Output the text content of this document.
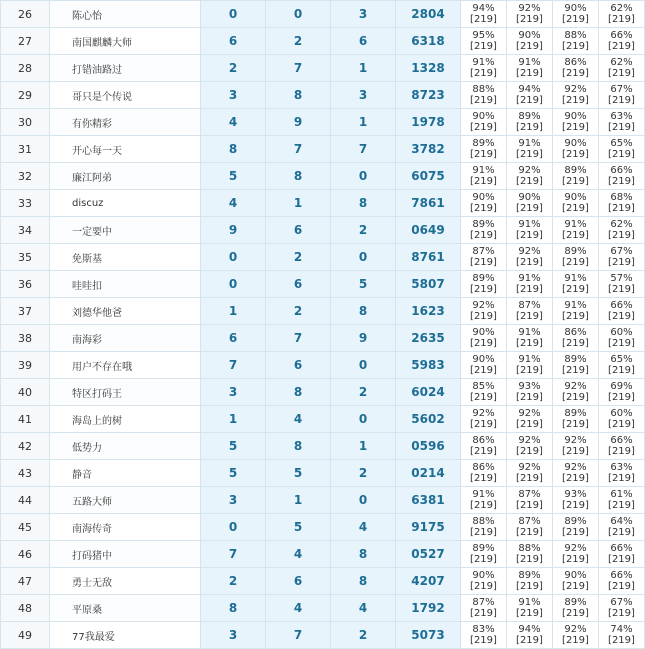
26	陈心怡	0	0	3	2804	94%[219]	92%[219]	90%[219]	62%[219]
27	南国麒麟大师	6	2	6	6318	95%[219]	90%[219]	88%[219]	66%[219]
28	打错油路过	2	7	1	1328	91%[219]	91%[219]	86%[219]	62%[219]
29	哥只是个传说	3	8	3	8723	88%[219]	94%[219]	92%[219]	67%[219]
30	有你精彩	4	9	1	1978	90%[219]	89%[219]	90%[219]	63%[219]
31	开心每一天	8	7	7	3782	89%[219]	91%[219]	90%[219]	65%[219]
32	廉江阿弟	5	8	0	6075	91%[219]	92%[219]	89%[219]	66%[219]
33	discuz	4	1	8	7861	90%[219]	90%[219]	90%[219]	68%[219]
34	一定要中	9	6	2	0649	89%[219]	91%[219]	91%[219]	62%[219]
35	免斯基	0	2	0	8761	87%[219]	92%[219]	89%[219]	67%[219]
36	哇哇扣	0	6	5	5807	89%[219]	91%[219]	91%[219]	57%[219]
37	刘德华他爸	1	2	8	1623	92%[219]	87%[219]	91%[219]	66%[219]
38	南海彩	6	7	9	2635	90%[219]	91%[219]	86%[219]	60%[219]
39	用户不存在哦	7	6	0	5983	90%[219]	91%[219]	89%[219]	65%[219]
40	特区打码王	3	8	2	6024	85%[219]	93%[219]	92%[219]	69%[219]
41	海岛上的树	1	4	0	5602	92%[219]	92%[219]	89%[219]	60%[219]
42	低势力	5	8	1	0596	86%[219]	92%[219]	92%[219]	66%[219]
43	静音	5	5	2	0214	86%[219]	92%[219]	92%[219]	63%[219]
44	五路大师	3	1	0	6381	91%[219]	87%[219]	93%[219]	61%[219]
45	南海传奇	0	5	4	9175	88%[219]	87%[219]	89%[219]	64%[219]
46	打码猪中	7	4	8	0527	89%[219]	88%[219]	92%[219]	66%[219]
47	勇士无敌	2	6	8	4207	90%[219]	89%[219]	90%[219]	66%[219]
48	平原桑	8	4	4	1792	87%[219]	91%[219]	89%[219]	67%[219]
49	77我最爱	3	7	2	5073	83%[219]	94%[219]	92%[219]	74%[219]
